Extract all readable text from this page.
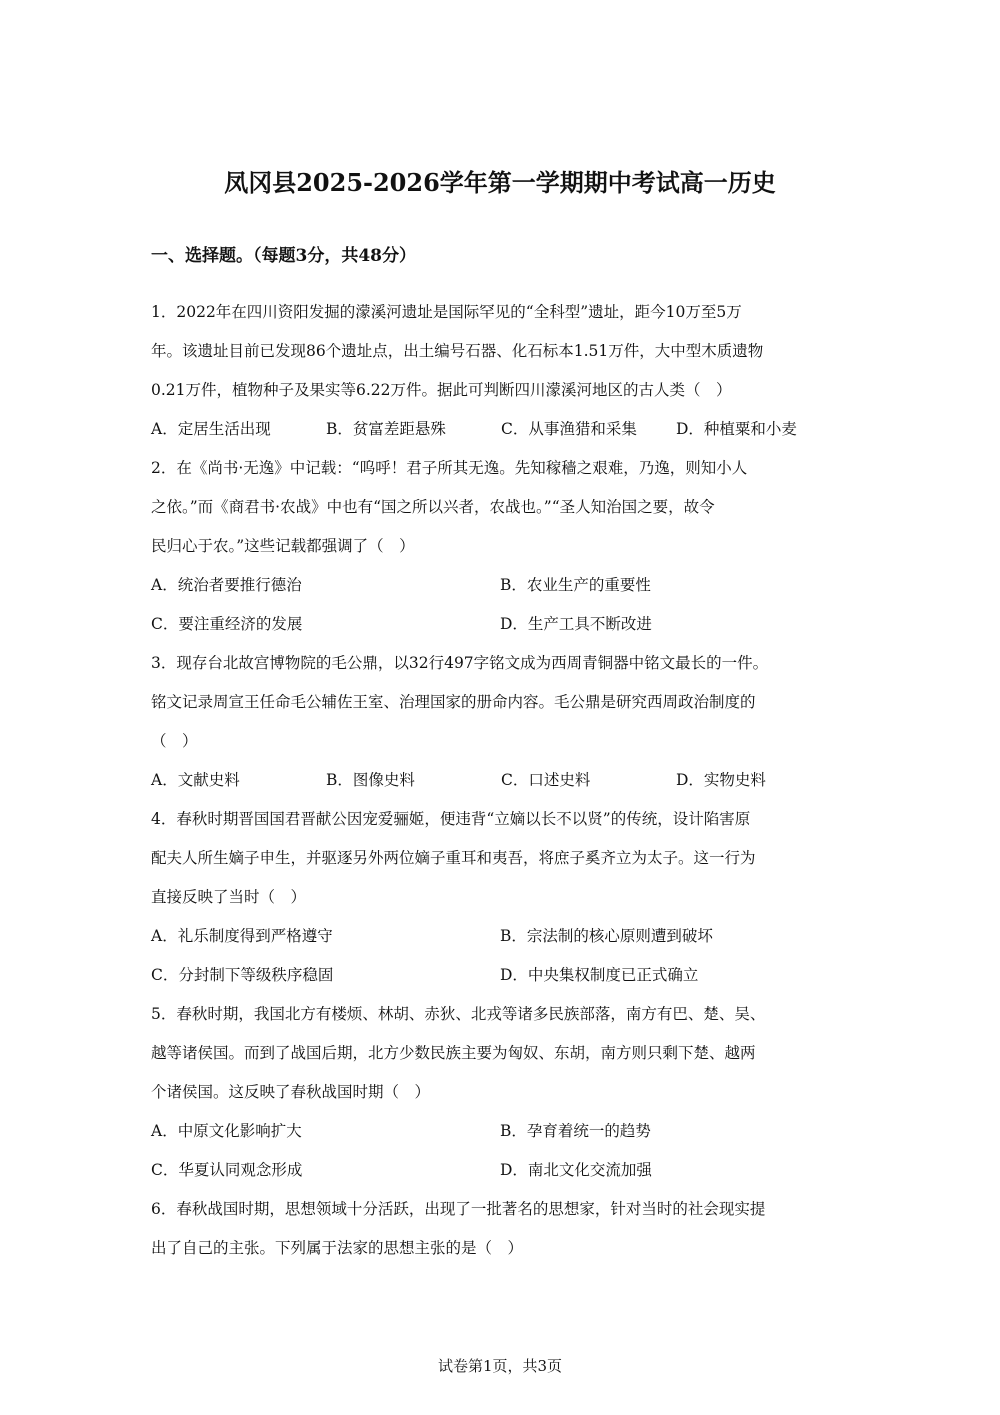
凤冈县2025-2026学年第一学期期中考试高一历史
一、选择题。（每题3分，共48分）

1．2022年在四川资阳发掘的濛溪河遗址是国际罕见的“全科型”遗址，距今10万至5万

年。该遗址目前已发现86个遗址点，出土编号石器、化石标本1.51万件，大中型木质遗物

0.21万件，植物种子及果实等6.22万件。据此可判断四川濛溪河地区的古人类（　）

A．定居生活出现	B．贫富差距悬殊	C．从事渔猎和采集	D．种植粟和小麦

2．在《尚书·无逸》中记载：“呜呼！君子所其无逸。先知稼穑之艰难，乃逸，则知小人

之依。”而《商君书·农战》中也有“国之所以兴者，农战也。”“圣人知治国之要，故令

民归心于农。”这些记载都强调了（　）

A．统治者要推行德治	B．农业生产的重要性
C．要注重经济的发展	D．生产工具不断改进

3．现存台北故宫博物院的毛公鼎，以32行497字铭文成为西周青铜器中铭文最长的一件。

铭文记录周宣王任命毛公辅佐王室、治理国家的册命内容。毛公鼎是研究西周政治制度的

（　）

A．文献史料	B．图像史料	C．口述史料	D．实物史料

4．春秋时期晋国国君晋献公因宠爱骊姬，便违背“立嫡以长不以贤”的传统，设计陷害原

配夫人所生嫡子申生，并驱逐另外两位嫡子重耳和夷吾，将庶子奚齐立为太子。这一行为

直接反映了当时（　）

A．礼乐制度得到严格遵守	B．宗法制的核心原则遭到破坏
C．分封制下等级秩序稳固	D．中央集权制度已正式确立

5．春秋时期，我国北方有楼烦、林胡、赤狄、北戎等诸多民族部落，南方有巴、楚、吴、

越等诸侯国。而到了战国后期，北方少数民族主要为匈奴、东胡，南方则只剩下楚、越两

个诸侯国。这反映了春秋战国时期（　）

A．中原文化影响扩大	B．孕育着统一的趋势
C．华夏认同观念形成	D．南北文化交流加强

6．春秋战国时期，思想领域十分活跃，出现了一批著名的思想家，针对当时的社会现实提

出了自己的主张。下列属于法家的思想主张的是（　）

试卷第1页，共3页
